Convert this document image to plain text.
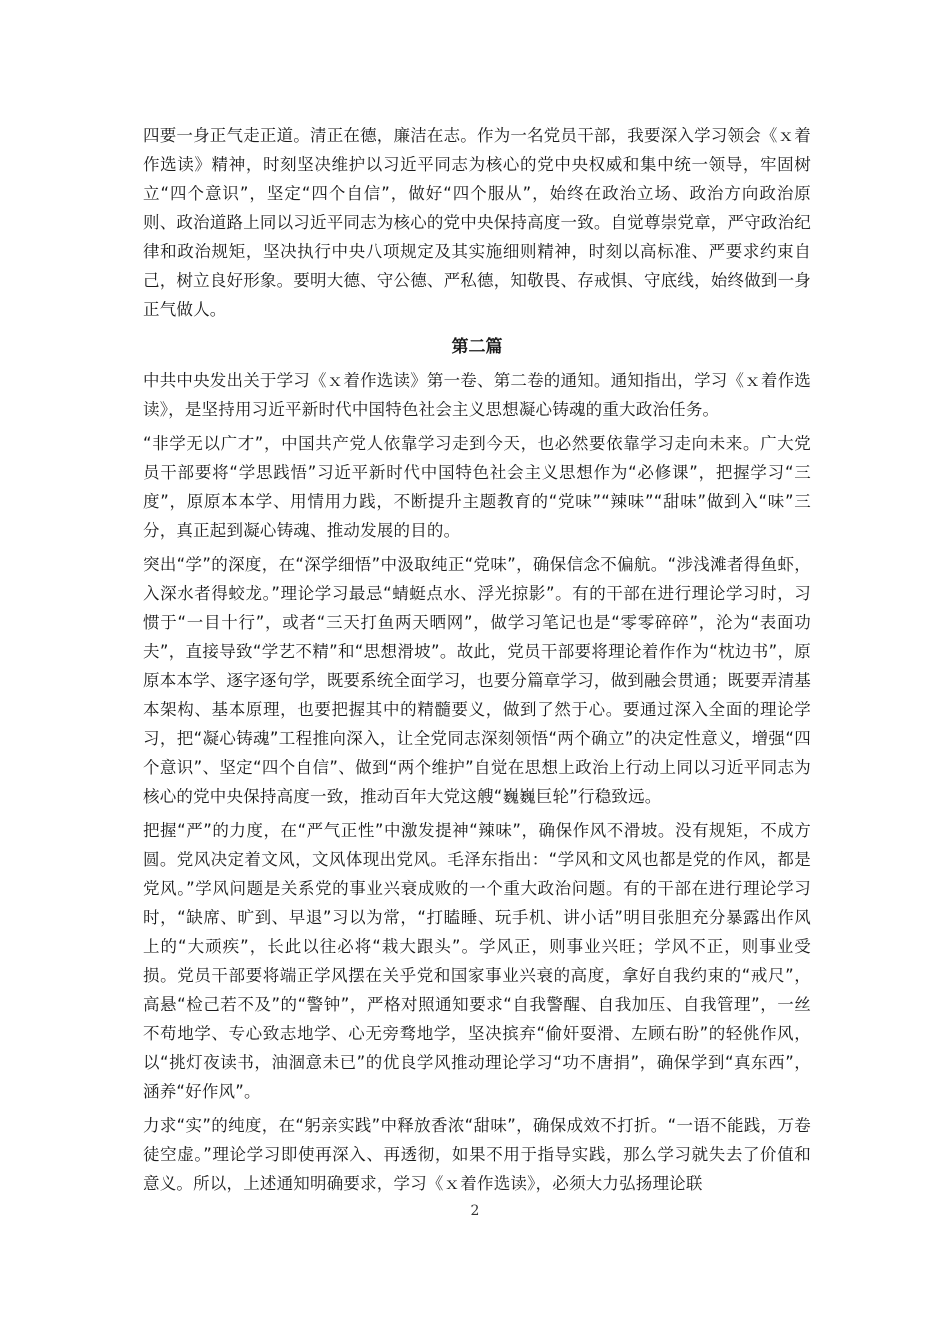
四要一身正气走正道。清正在德，廉洁在志。作为一名党员干部，我要深入学习领会《ｘ着作选读》精神，时刻坚决维护以习近平同志为核心的党中央权威和集中统一领导，牢固树立“四个意识”，坚定“四个自信”，做好“四个服从”，始终在政治立场、政治方向政治原则、政治道路上同以习近平同志为核心的党中央保持高度一致。自觉尊崇党章，严守政治纪律和政治规矩，坚决执行中央八项规定及其实施细则精神，时刻以高标准、严要求约束自己，树立良好形象。要明大德、守公德、严私德，知敬畏、存戒惧、守底线，始终做到一身正气做人。

第二篇

中共中央发出关于学习《ｘ着作选读》第一卷、第二卷的通知。通知指出，学习《ｘ着作选读》，是坚持用习近平新时代中国特色社会主义思想凝心铸魂的重大政治任务。

“非学无以广才”，中国共产党人依靠学习走到今天，也必然要依靠学习走向未来。广大党员干部要将“学思践悟”习近平新时代中国特色社会主义思想作为“必修课”，把握学习“三度”，原原本本学、用情用力践，不断提升主题教育的“党味”“辣味”“甜味”做到入“味”三分，真正起到凝心铸魂、推动发展的目的。

突出“学”的深度，在“深学细悟”中汲取纯正“党味”，确保信念不偏航。“涉浅滩者得鱼虾，入深水者得蛟龙。”理论学习最忌“蜻蜓点水、浮光掠影”。有的干部在进行理论学习时，习惯于“一目十行”，或者“三天打鱼两天晒网”，做学习笔记也是“零零碎碎”，沦为“表面功夫”，直接导致“学艺不精”和“思想滑坡”。故此，党员干部要将理论着作作为“枕边书”，原原本本学、逐字逐句学，既要系统全面学习，也要分篇章学习，做到融会贯通；既要弄清基本架构、基本原理，也要把握其中的精髓要义，做到了然于心。要通过深入全面的理论学习，把“凝心铸魂”工程推向深入，让全党同志深刻领悟“两个确立”的决定性意义，增强“四个意识”、坚定“四个自信”、做到“两个维护”自觉在思想上政治上行动上同以习近平同志为核心的党中央保持高度一致，推动百年大党这艘“巍巍巨轮”行稳致远。

把握“严”的力度，在“严气正性”中激发提神“辣味”，确保作风不滑坡。没有规矩，不成方圆。党风决定着文风，文风体现出党风。毛泽东指出：“学风和文风也都是党的作风，都是党风。”学风问题是关系党的事业兴衰成败的一个重大政治问题。有的干部在进行理论学习时，“缺席、旷到、早退”习以为常，“打瞌睡、玩手机、讲小话”明目张胆充分暴露出作风上的“大顽疾”，长此以往必将“栽大跟头”。学风正，则事业兴旺；学风不正，则事业受损。党员干部要将端正学风摆在关乎党和国家事业兴衰的高度，拿好自我约束的“戒尺”，高悬“检己若不及”的“警钟”，严格对照通知要求“自我警醒、自我加压、自我管理”，一丝不苟地学、专心致志地学、心无旁骛地学，坚决摈弃“偷奸耍滑、左顾右盼”的轻佻作风，以“挑灯夜读书，油涸意未已”的优良学风推动理论学习“功不唐捐”，确保学到“真东西”，涵养“好作风”。

力求“实”的纯度，在“躬亲实践”中释放香浓“甜味”，确保成效不打折。“一语不能践，万卷徒空虚。”理论学习即使再深入、再透彻，如果不用于指导实践，那么学习就失去了价值和意义。所以，上述通知明确要求，学习《ｘ着作选读》，必须大力弘扬理论联

2
